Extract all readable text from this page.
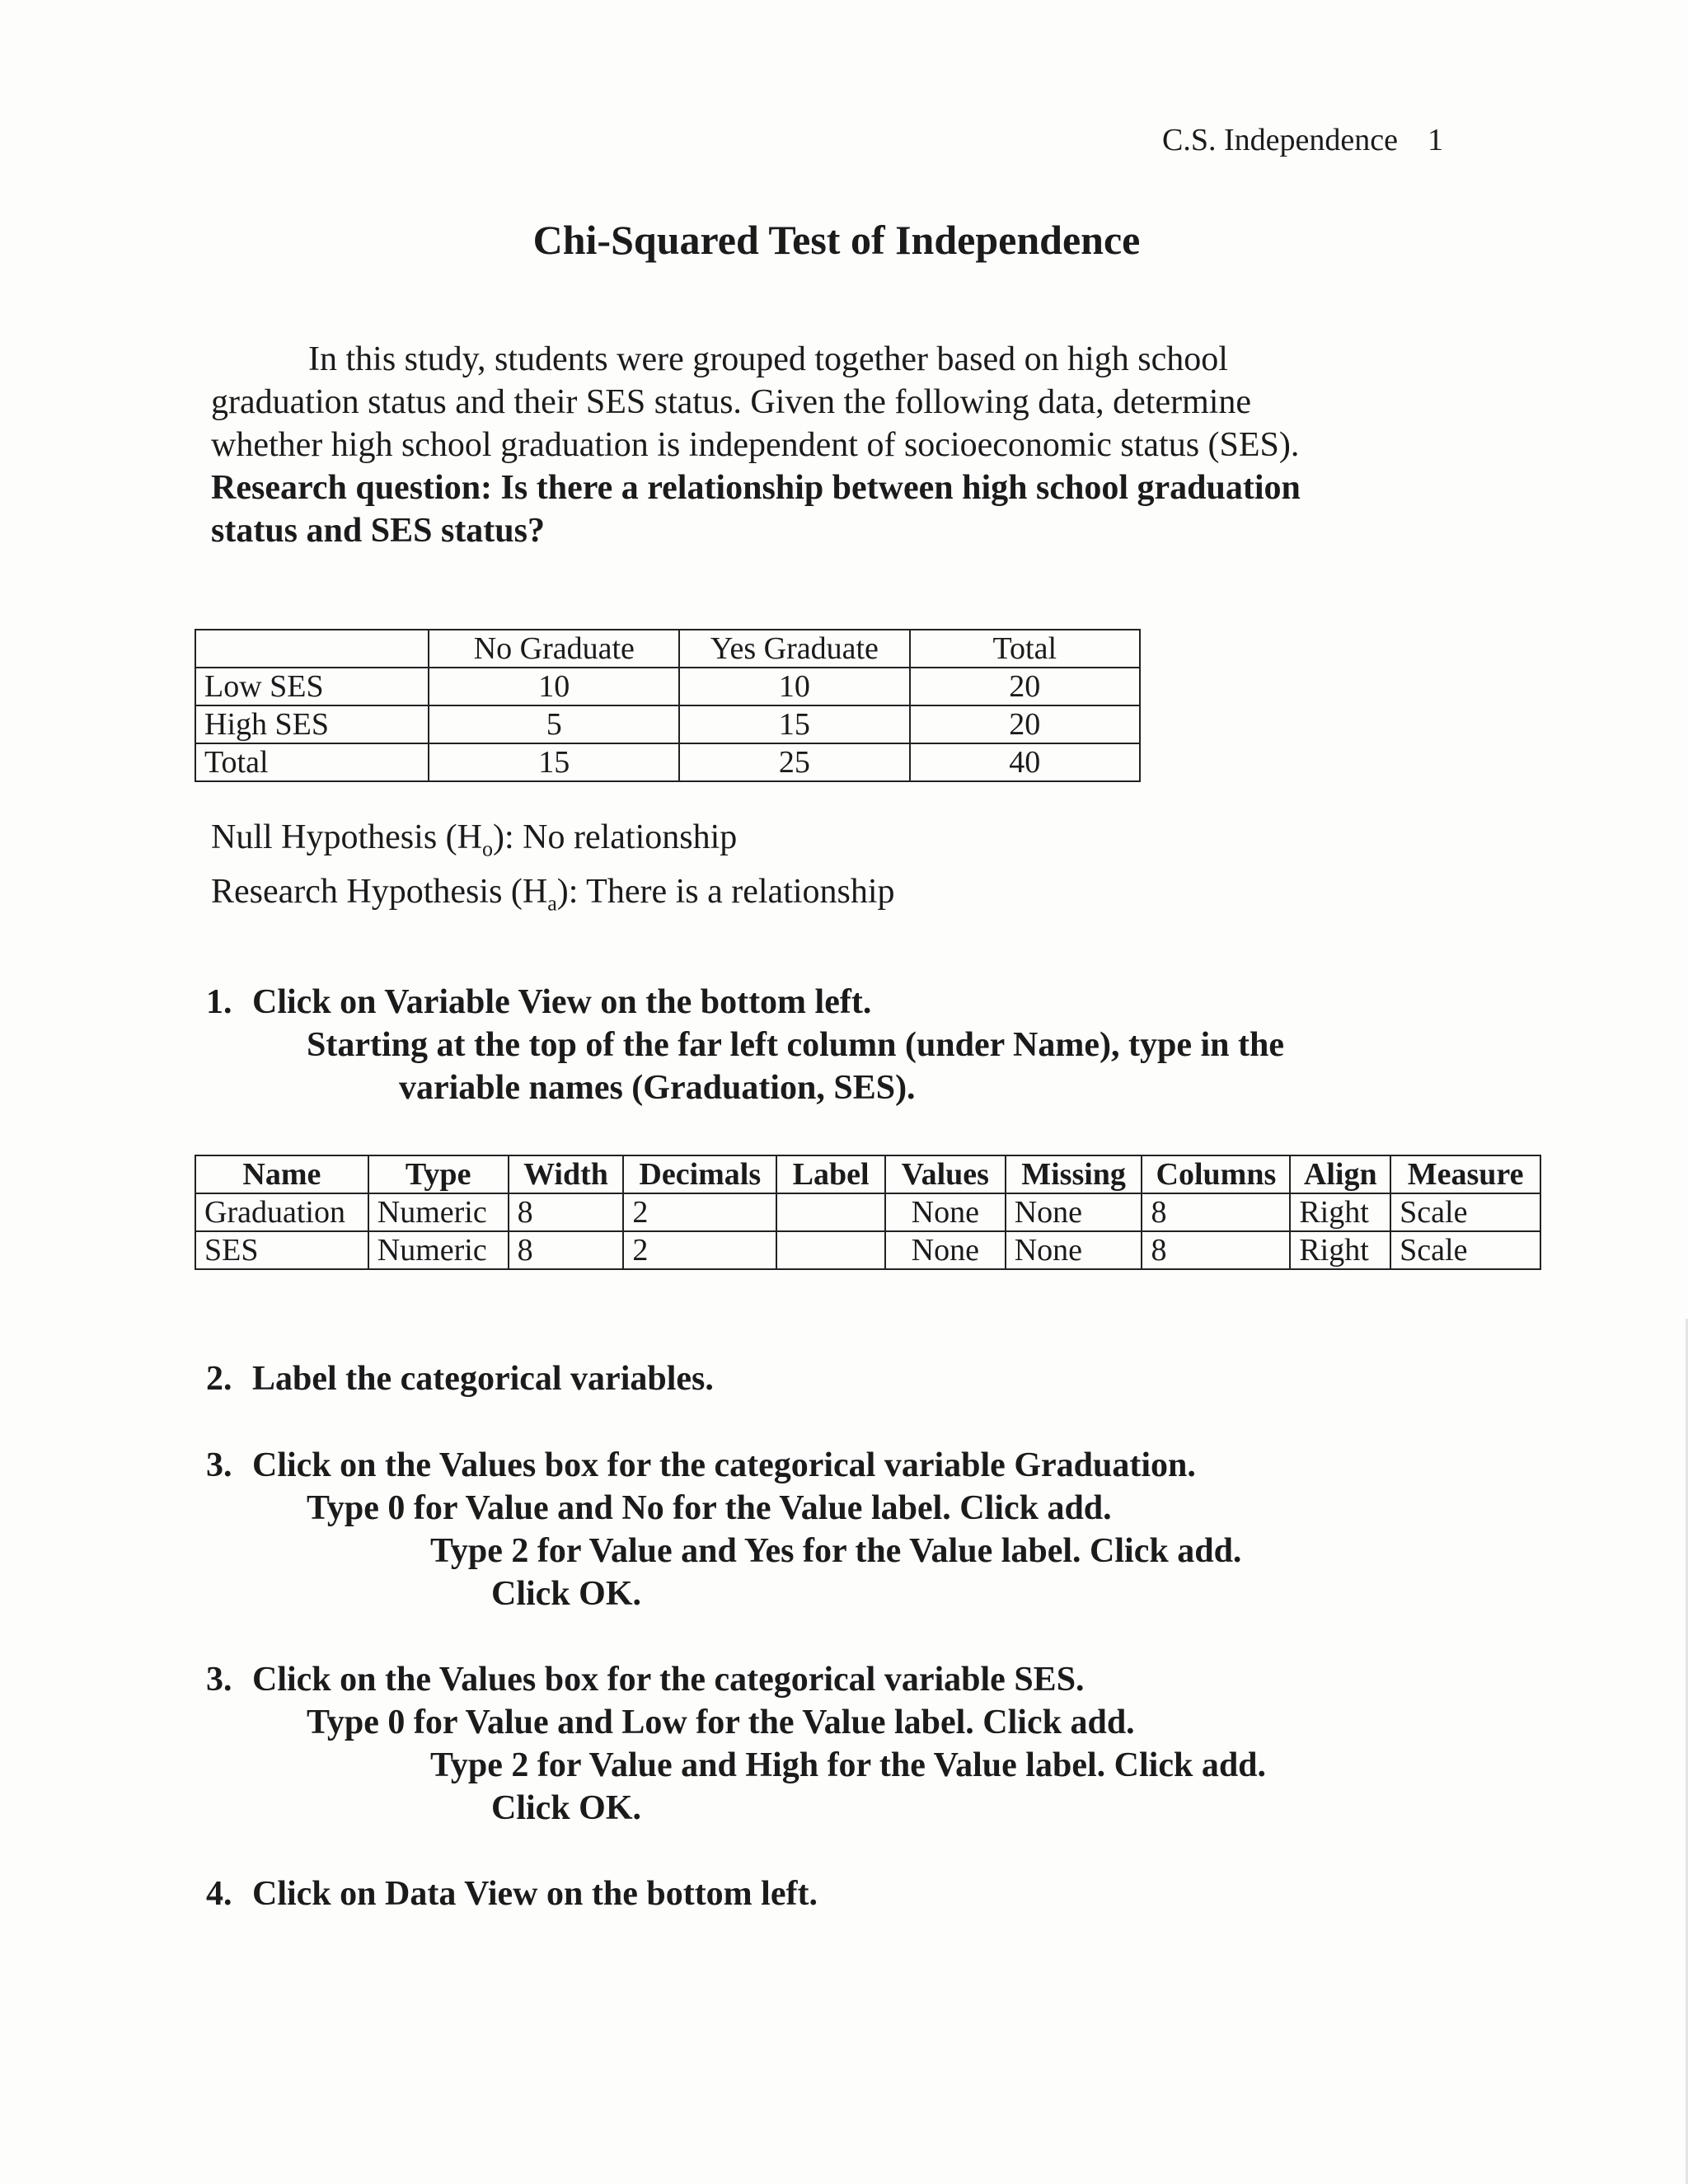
C.S. Independence 1
Chi-Squared Test of Independence
In this study, students were grouped together based on high school
graduation status and their SES status. Given the following data, determine
whether high school graduation is independent of socioeconomic status (SES).
Research question: Is there a relationship between high school graduation
status and SES status?
	No Graduate	Yes Graduate	Total
Low SES	10	10	20
High SES	5	15	20
Total	15	25	40
Null Hypothesis $(H_o)$: No relationship
Research Hypothesis $(H_a)$: There is a relationship
1. Click on Variable View on the bottom left.
Starting at the top of the far left column (under Name), type in the
variable names (Graduation, SES).
Name	Type	Width	Decimals	Label	Values	Missing	Columns	Align	Measure
Graduation	Numeric	8	2		None	None	8	Right	Scale
SES	Numeric	8	2		None	None	8	Right	Scale
2. Label the categorical variables.
3. Click on the Values box for the categorical variable Graduation.
Type 0 for Value and No for the Value label. Click add.
Type 2 for Value and Yes for the Value label. Click add.
Click OK.
3. Click on the Values box for the categorical variable SES.
Type 0 for Value and Low for the Value label. Click add.
Type 2 for Value and High for the Value label. Click add.
Click OK.
4. Click on Data View on the bottom left.
